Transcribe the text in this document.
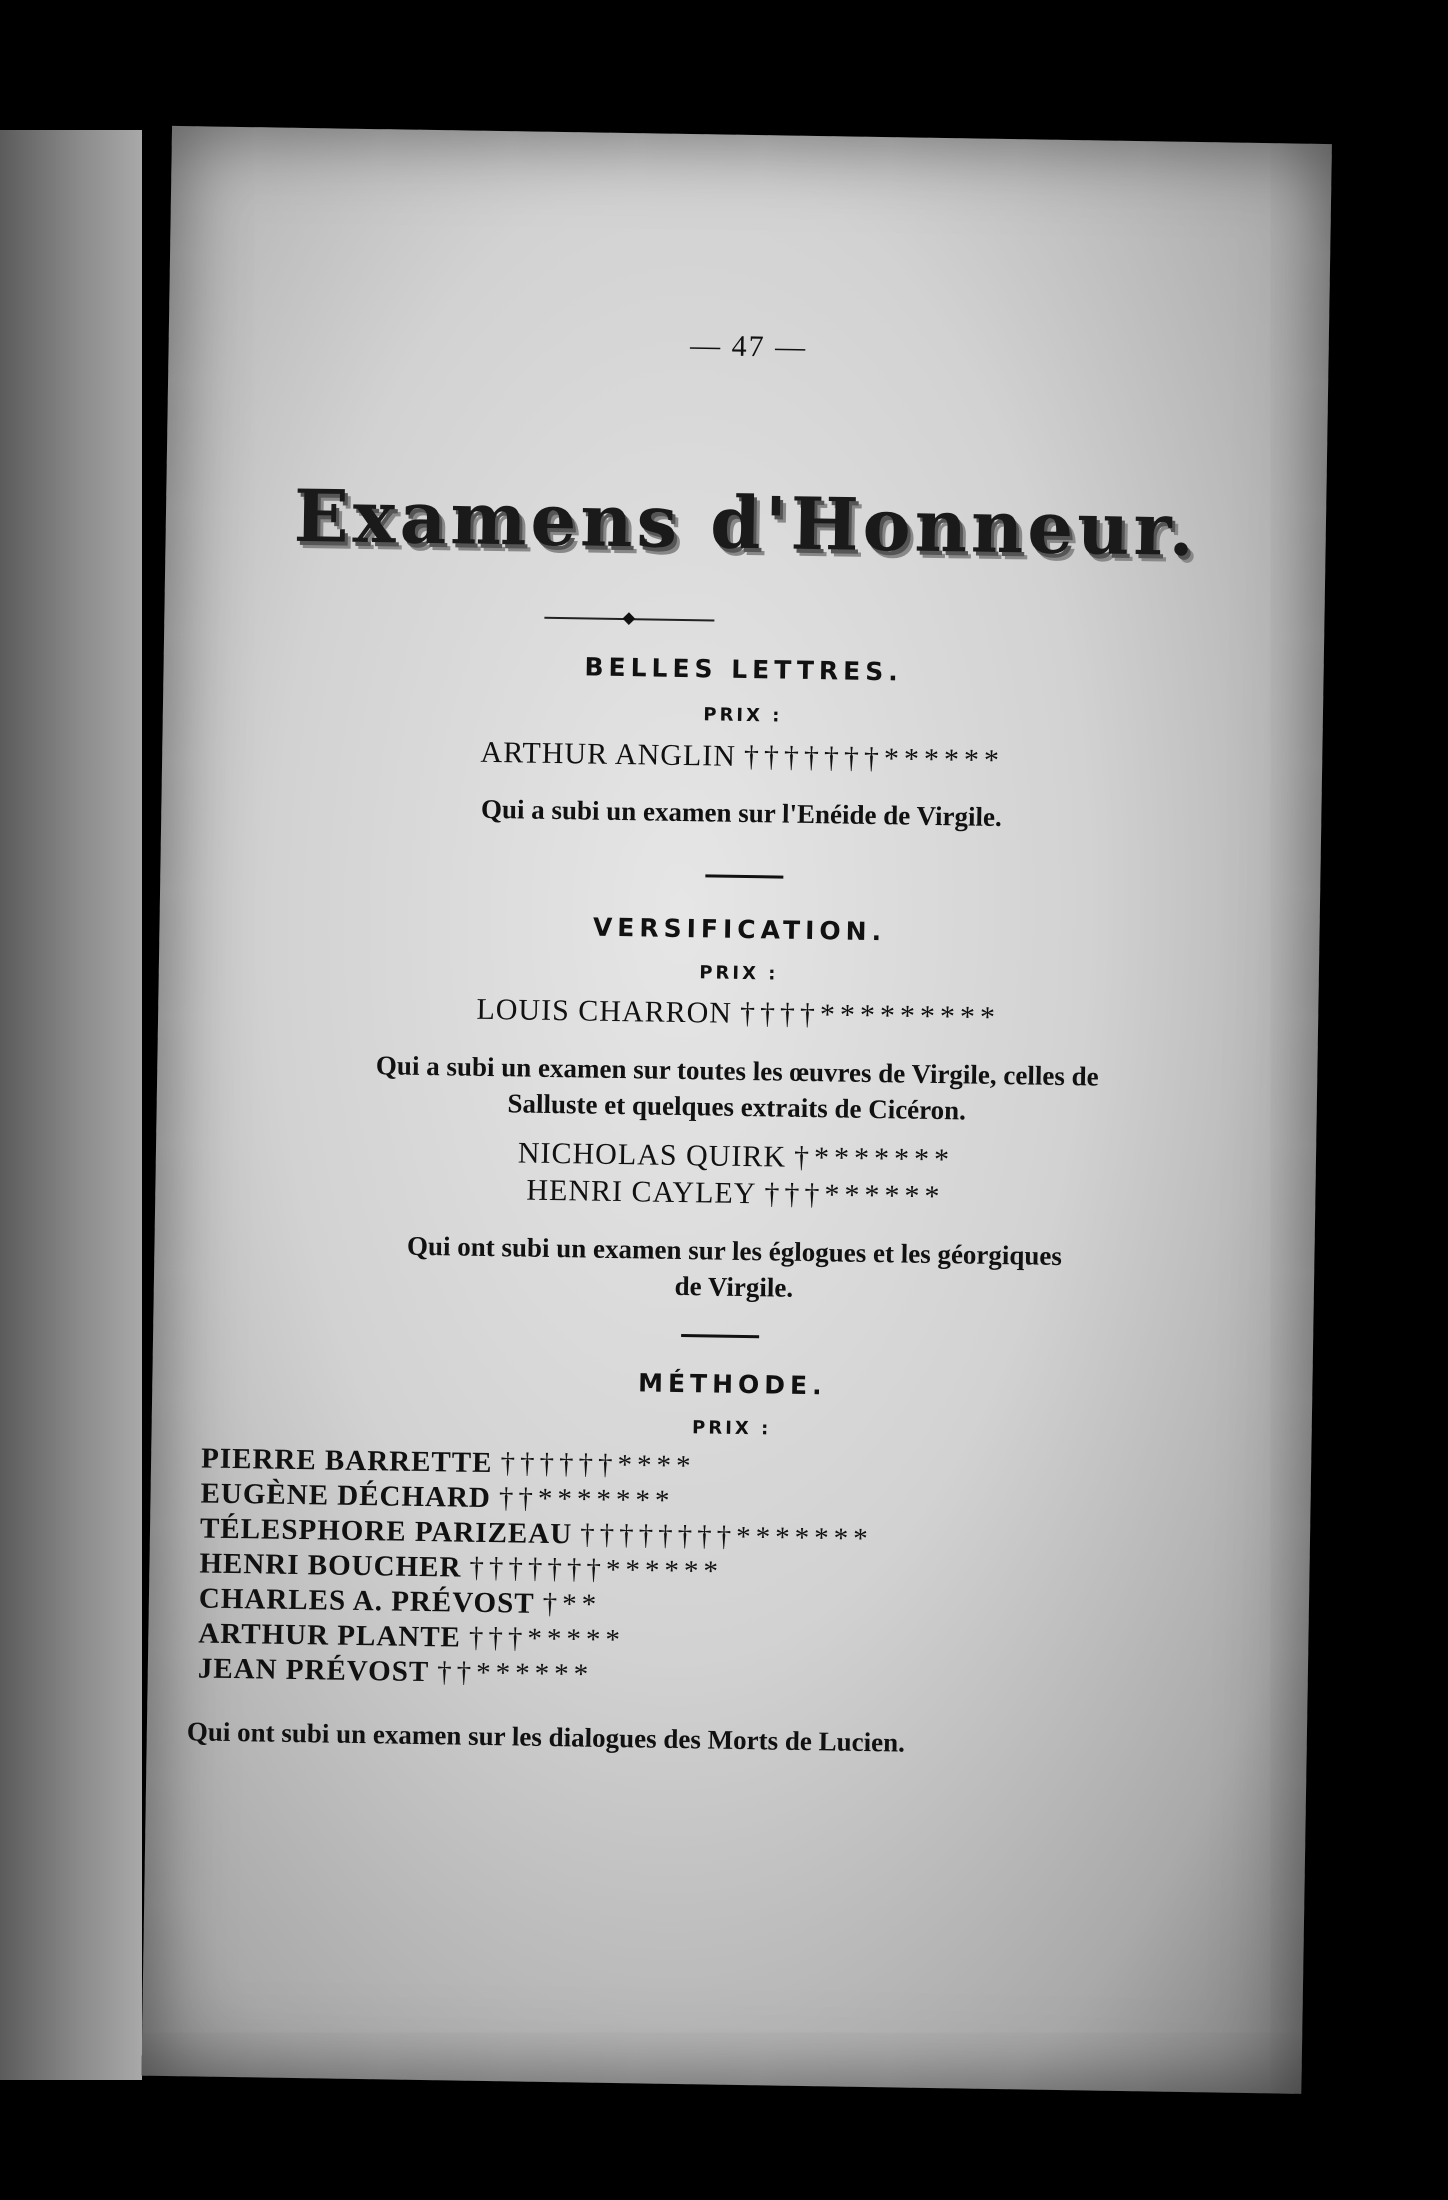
— 47 —
Examens d'Honneur.
BELLES LETTRES.
PRIX :
ARTHUR ANGLIN †††††††******
Qui a subi un examen sur l'Enéide de Virgile.
VERSIFICATION.
PRIX :
LOUIS CHARRON ††††*********
Qui a subi un examen sur toutes les œuvres de Virgile, celles de
Salluste et quelques extraits de Cicéron.
NICHOLAS QUIRK †*******
HENRI CAYLEY †††******
Qui ont subi un examen sur les églogues et les géorgiques
de Virgile.
MÉTHODE.
PRIX :
PIERRE BARRETTE ††††††****
EUGÈNE DÉCHARD ††*******
TÉLESPHORE PARIZEAU ††††††††*******
HENRI BOUCHER †††††††******
CHARLES A. PRÉVOST †**
ARTHUR PLANTE †††*****
JEAN PRÉVOST ††******
Qui ont subi un examen sur les dialogues des Morts de Lucien.
